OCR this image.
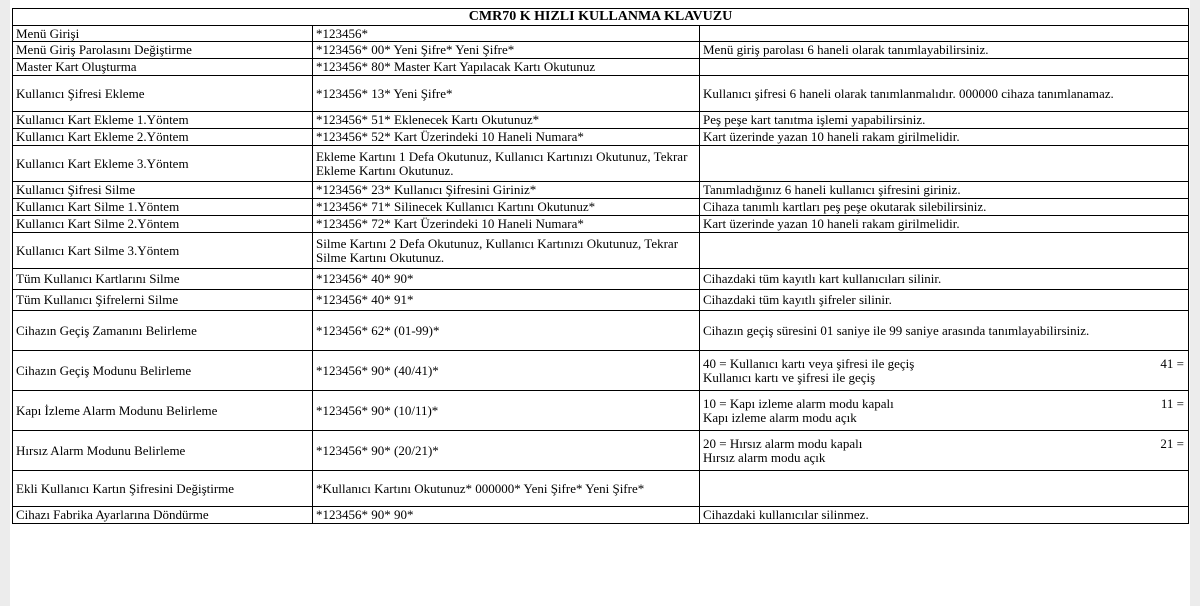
CMR70 K HIZLI KULLANMA KLAVUZU		
Menü Girişi	*123456*	
Menü Giriş Parolasını Değiştirme	*123456* 00* Yeni Şifre* Yeni Şifre*	Menü giriş parolası 6 haneli olarak tanımlayabilirsiniz.
Master Kart Oluşturma	*123456* 80* Master Kart Yapılacak Kartı Okutunuz	
Kullanıcı Şifresi Ekleme	*123456* 13* Yeni Şifre*	Kullanıcı şifresi 6 haneli olarak tanımlanmalıdır. 000000 cihaza tanımlanamaz.
Kullanıcı Kart Ekleme 1.Yöntem	*123456* 51* Eklenecek Kartı Okutunuz*	Peş peşe kart tanıtma işlemi yapabilirsiniz.
Kullanıcı Kart Ekleme 2.Yöntem	*123456* 52* Kart Üzerindeki 10 Haneli Numara*	Kart üzerinde yazan 10 haneli rakam girilmelidir.
Kullanıcı Kart Ekleme 3.Yöntem	Ekleme Kartını 1 Defa Okutunuz, Kullanıcı Kartınızı Okutunuz, Tekrar Ekleme Kartını Okutunuz.	
Kullanıcı Şifresi Silme	*123456* 23* Kullanıcı Şifresini Giriniz*	Tanımladığınız 6 haneli kullanıcı şifresini giriniz.
Kullanıcı Kart Silme 1.Yöntem	*123456* 71* Silinecek Kullanıcı Kartını Okutunuz*	Cihaza tanımlı kartları peş peşe okutarak silebilirsiniz.
Kullanıcı Kart Silme 2.Yöntem	*123456* 72* Kart Üzerindeki 10 Haneli Numara*	Kart üzerinde yazan 10 haneli rakam girilmelidir.
Kullanıcı Kart Silme 3.Yöntem	Silme Kartını 2 Defa Okutunuz, Kullanıcı Kartınızı Okutunuz, Tekrar Silme Kartını Okutunuz.	
Tüm Kullanıcı Kartlarını Silme	*123456* 40* 90*	Cihazdaki tüm kayıtlı kart kullanıcıları silinir.
Tüm Kullanıcı Şifrelerni Silme	*123456* 40* 91*	Cihazdaki tüm kayıtlı şifreler silinir.
Cihazın Geçiş Zamanını Belirleme	*123456* 62* (01-99)*	Cihazın geçiş süresini 01 saniye ile 99 saniye arasında tanımlayabilirsiniz.
Cihazın Geçiş Modunu Belirleme	*123456* 90* (40/41)*	40 = Kullanıcı kartı veya şifresi ile geçiş 41 =
Kullanıcı kartı ve şifresi ile geçiş

Kapı İzleme Alarm Modunu Belirleme	*123456* 90* (10/11)*	10 = Kapı izleme alarm modu kapalı 11 =
Kapı izleme alarm modu açık

Hırsız Alarm Modunu Belirleme	*123456* 90* (20/21)*	20 = Hırsız alarm modu kapalı 21 =
Hırsız alarm modu açık

Ekli Kullanıcı Kartın Şifresini Değiştirme	*Kullanıcı Kartını Okutunuz* 000000* Yeni Şifre* Yeni Şifre*	
Cihazı Fabrika Ayarlarına Döndürme	*123456* 90* 90*	Cihazdaki kullanıcılar silinmez.
